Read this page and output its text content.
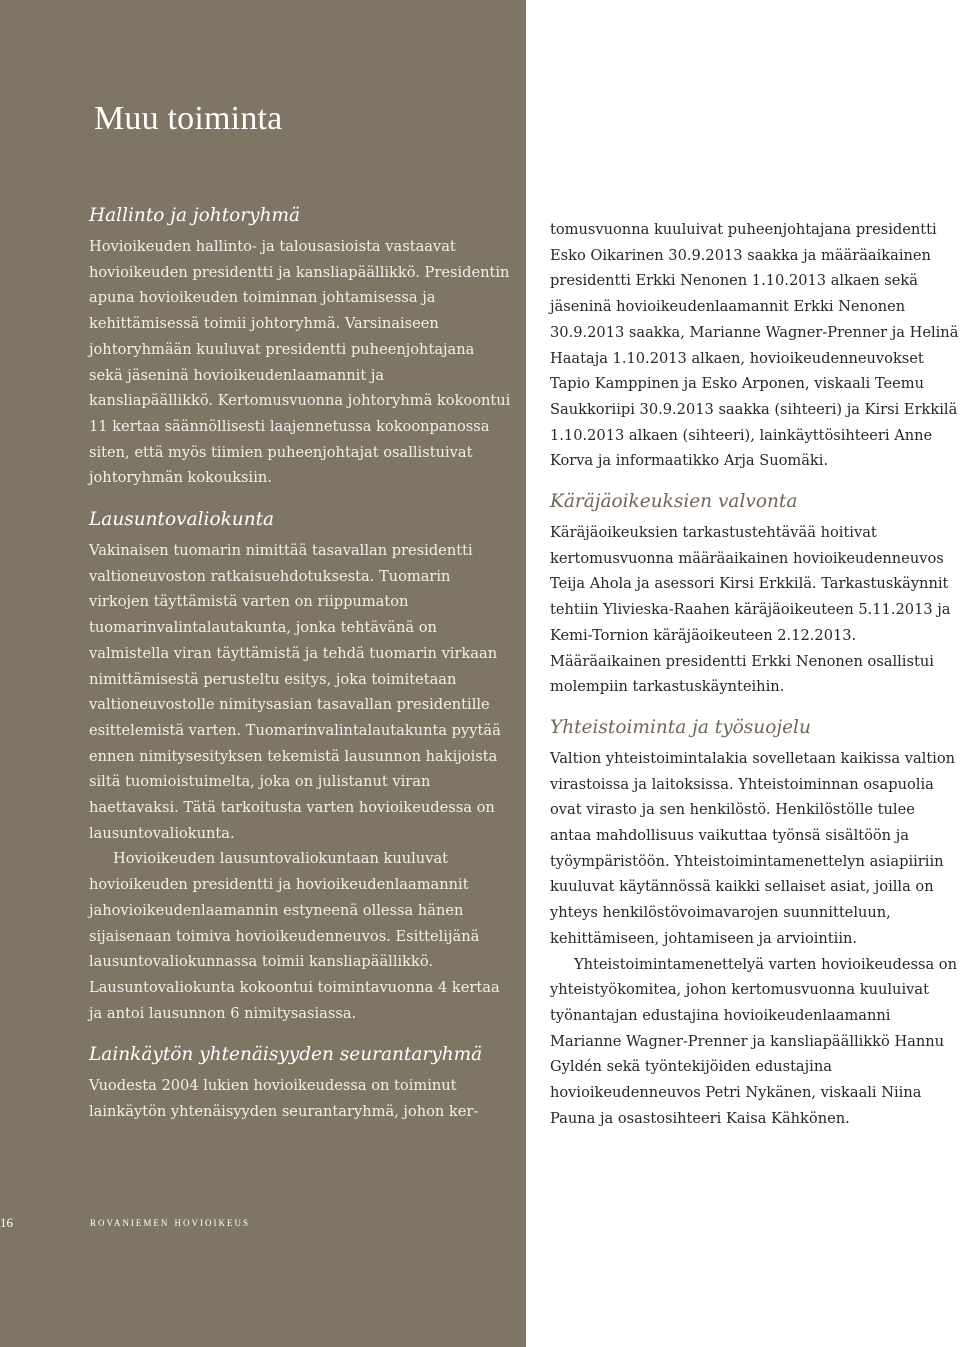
Muu toiminta
Hallinto ja johtoryhmä

Hovioikeuden hallinto- ja talousasioista vastaavat hovioikeuden presidentti ja kansliapäällikkö. Presidentin apuna hovioikeuden toiminnan johtamisessa ja kehittämisessä toimii johtoryhmä. Varsinaiseen johtoryhmään kuuluvat presidentti puheenjohtajana sekä jäseninä hovioikeudenlaamannit ja kansliapäällikkö. Kertomusvuonna johtoryhmä kokoontui 11 kertaa säännöllisesti laajennetussa kokoonpanossa siten, että myös tiimien puheenjohtajat osallistuivat johtoryhmän kokouksiin.

Lausuntovaliokunta

Vakinaisen tuomarin nimittää tasavallan presidentti valtioneuvoston ratkaisuehdotuksesta. Tuomarin virkojen täyttämistä varten on riippumaton tuomarinvalintalautakunta, jonka tehtävänä on valmistella viran täyttämistä ja tehdä tuomarin virkaan nimittämisestä perusteltu esitys, joka toimitetaan valtioneuvostolle nimitysasian tasavallan presidentille esittelemistä varten. Tuomarinvalintalautakunta pyytää ennen nimitysesityksen tekemistä lausunnon hakijoista siltä tuomioistuimelta, joka on julistanut viran haettavaksi. Tätä tarkoitusta varten hovioikeudessa on lausuntovaliokunta.

Hovioikeuden lausuntovaliokuntaan kuuluvat hovioikeuden presidentti ja hovioikeudenlaamannit jahovioikeudenlaamannin estyneenä ollessa hänen sijaisenaan toimiva hovioikeudenneuvos. Esittelijänä lausuntovaliokunnassa toimii kansliapäällikkö. Lausuntovaliokunta kokoontui toimintavuonna 4 kertaa ja antoi lausunnon 6 nimitysasiassa.

Lainkäytön yhtenäisyyden seurantaryhmä

Vuodesta 2004 lukien hovioikeudessa on toiminut lainkäytön yhtenäisyyden seurantaryhmä, johon ker-

tomusvuonna kuuluivat puheenjohtajana presidentti Esko Oikarinen 30.9.2013 saakka ja määräaikainen presidentti Erkki Nenonen 1.10.2013 alkaen sekä jäseninä hovioikeudenlaamannit Erkki Nenonen 30.9.2013 saakka, Marianne Wagner-Prenner ja Helinä Haataja 1.10.2013 alkaen, hovioikeudenneuvokset Tapio Kamppinen ja Esko Arponen, viskaali Teemu Saukkoriipi 30.9.2013 saakka (sihteeri) ja Kirsi Erkkilä 1.10.2013 alkaen (sihteeri), lainkäyttösihteeri Anne Korva ja informaatikko Arja Suomäki.

Käräjäoikeuksien valvonta

Käräjäoikeuksien tarkastustehtävää hoitivat kertomusvuonna määräaikainen hovioikeudenneuvos Teija Ahola ja asessori Kirsi Erkkilä. Tarkastuskäynnit tehtiin Ylivieska-Raahen käräjäoikeuteen 5.11.2013 ja Kemi-Tornion käräjäoikeuteen 2.12.2013. Määräaikainen presidentti Erkki Nenonen osallistui molempiin tarkastuskäynteihin.

Yhteistoiminta ja työsuojelu

Valtion yhteistoimintalakia sovelletaan kaikissa valtion virastoissa ja laitoksissa. Yhteistoiminnan osapuolia ovat virasto ja sen henkilöstö. Henkilöstölle tulee antaa mahdollisuus vaikuttaa työnsä sisältöön ja työympäristöön. Yhteistoimintamenettelyn asiapiiriin kuuluvat käytännössä kaikki sellaiset asiat, joilla on yhteys henkilöstövoimavarojen suunnitteluun, kehittämiseen, johtamiseen ja arviointiin.

Yhteistoimintamenettelyä varten hovioikeudessa on yhteistyökomitea, johon kertomusvuonna kuuluivat työnantajan edustajina hovioikeudenlaamanni Marianne Wagner-Prenner ja kansliapäällikkö Hannu Gyldén sekä työntekijöiden edustajina hovioikeudenneuvos Petri Nykänen, viskaali Niina Pauna ja osastosihteeri Kaisa Kähkönen.

16	rovaniemen hovioikeus
